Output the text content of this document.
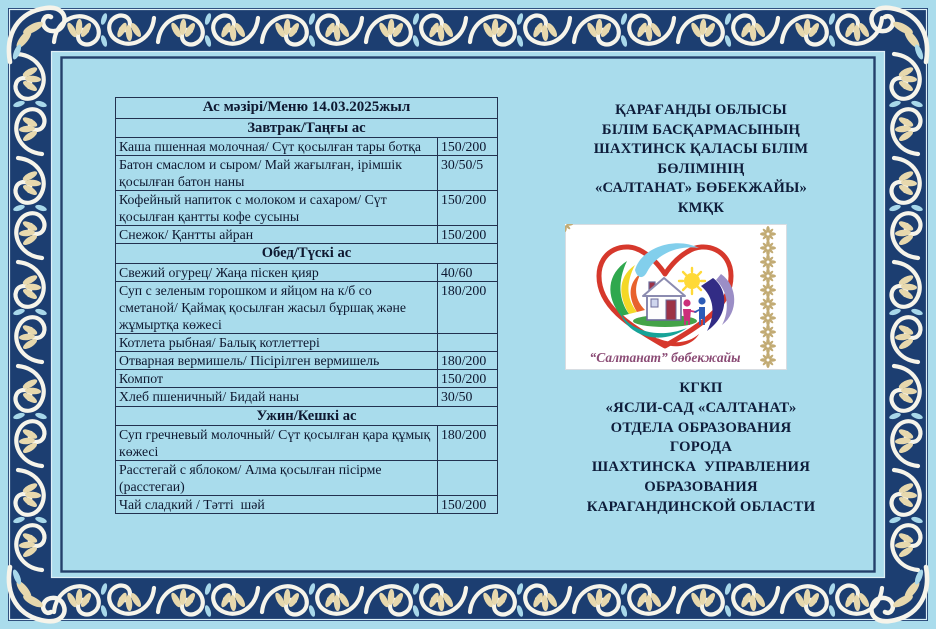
Ас мәзірі/Меню 14.03.2025жыл	
Завтрак/Таңғы ас	
Каша пшенная молочная/ Сүт қосылған тары ботқа	150/200
Батон смаслом и сыром/ Май жағылған, ірімшік қосылған батон наны	30/50/5
Кофейный напиток с молоком и сахаром/ Сүт қосылған қантты кофе сусыны	150/200
Снежок/ Қантты айран	150/200
Обед/Түскі ас	
Свежий огурец/ Жаңа піскен қияр	40/60
Суп с зеленым горошком и яйцом на к/б со сметаной/ Қаймақ қосылған жасыл бұршақ және жұмыртқа көжесі	180/200
Котлета рыбная/ Балық котлеттері	
Отварная вермишель/ Пісірілген вермишель	180/200
Компот	150/200
Хлеб пшеничный/ Бидай наны	30/50
Ужин/Кешкі ас	
Суп гречневый молочный/ Сүт қосылған қара құмық көжесі	180/200
Расстегай с яблоком/ Алма қосылған пісірме (расстегаи)	
Чай сладкий / Тәтті  шәй	150/200
ҚАРАҒАНДЫ ОБЛЫСЫ
БІЛІМ БАСҚАРМАСЫНЫҢ
ШАХТИНСК ҚАЛАСЫ БІЛІМ
БӨЛІМІНІҢ
«САЛТАНАТ» БӨБЕКЖАЙЫ»
КМҚК
“Салтанат” бөбекжайы
КГКП
«ЯСЛИ-САД «САЛТАНАТ»
ОТДЕЛА ОБРАЗОВАНИЯ
ГОРОДА
ШАХТИНСКА  УПРАВЛЕНИЯ
ОБРАЗОВАНИЯ
КАРАГАНДИНСКОЙ ОБЛАСТИ
